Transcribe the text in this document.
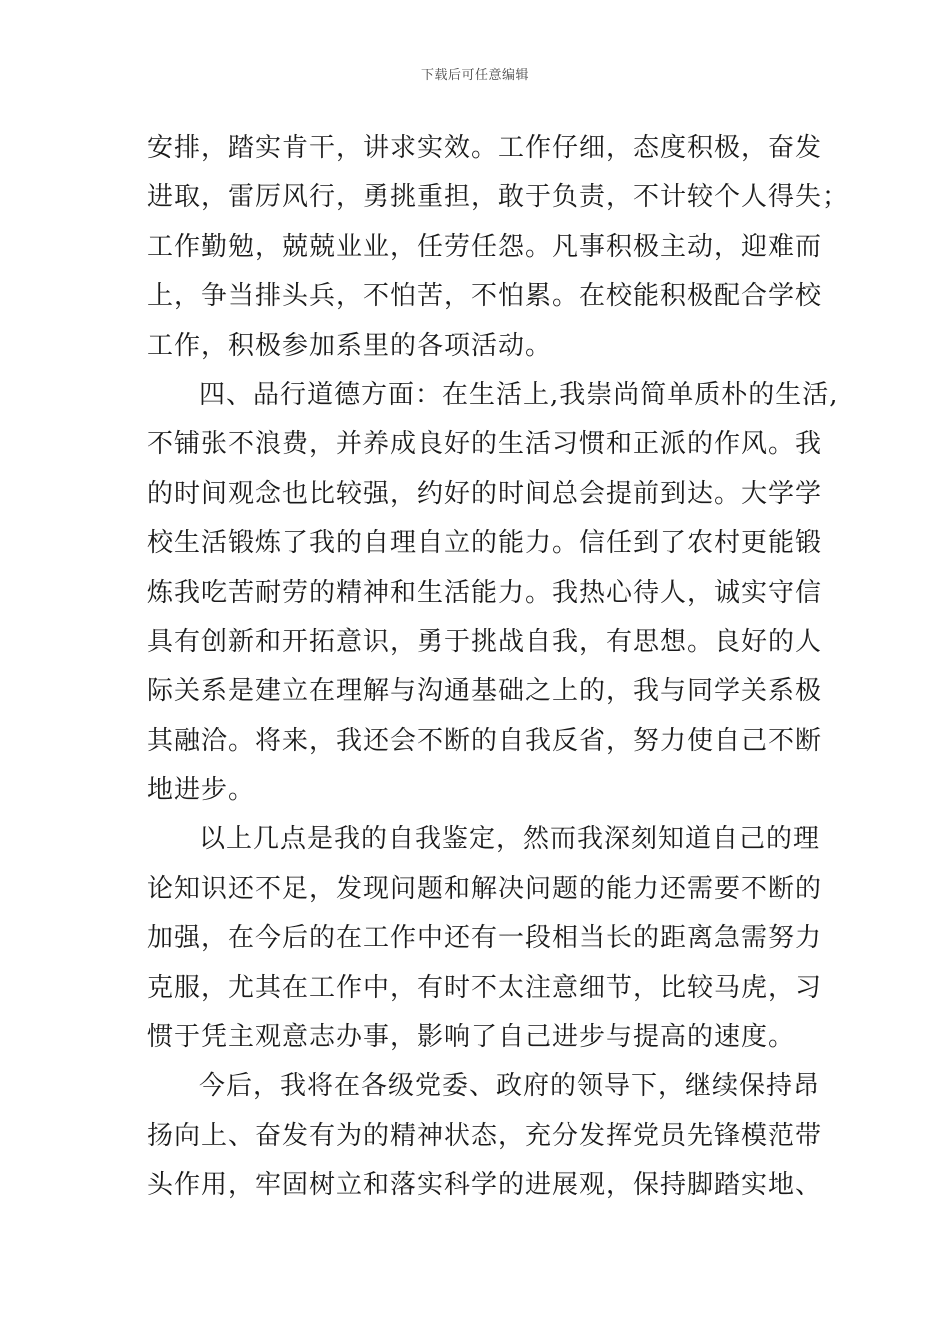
下载后可任意编辑
安排，踏实肯干，讲求实效。工作仔细，态度积极，奋发
进取，雷厉风行，勇挑重担，敢于负责，不计较个人得失；
工作勤勉，兢兢业业，任劳任怨。凡事积极主动，迎难而
上，争当排头兵，不怕苦，不怕累。在校能积极配合学校
工作，积极参加系里的各项活动。
四、品行道德方面：在生活上,我崇尚简单质朴的生活,
不铺张不浪费，并养成良好的生活习惯和正派的作风。我
的时间观念也比较强，约好的时间总会提前到达。大学学
校生活锻炼了我的自理自立的能力。信任到了农村更能锻
炼我吃苦耐劳的精神和生活能力。我热心待人，诚实守信
具有创新和开拓意识，勇于挑战自我，有思想。良好的人
际关系是建立在理解与沟通基础之上的，我与同学关系极
其融洽。将来，我还会不断的自我反省，努力使自己不断
地进步。
以上几点是我的自我鉴定，然而我深刻知道自己的理
论知识还不足，发现问题和解决问题的能力还需要不断的
加强，在今后的在工作中还有一段相当长的距离急需努力
克服，尤其在工作中，有时不太注意细节，比较马虎，习
惯于凭主观意志办事，影响了自己进步与提高的速度。
今后，我将在各级党委、政府的领导下，继续保持昂
扬向上、奋发有为的精神状态，充分发挥党员先锋模范带
头作用，牢固树立和落实科学的进展观，保持脚踏实地、
